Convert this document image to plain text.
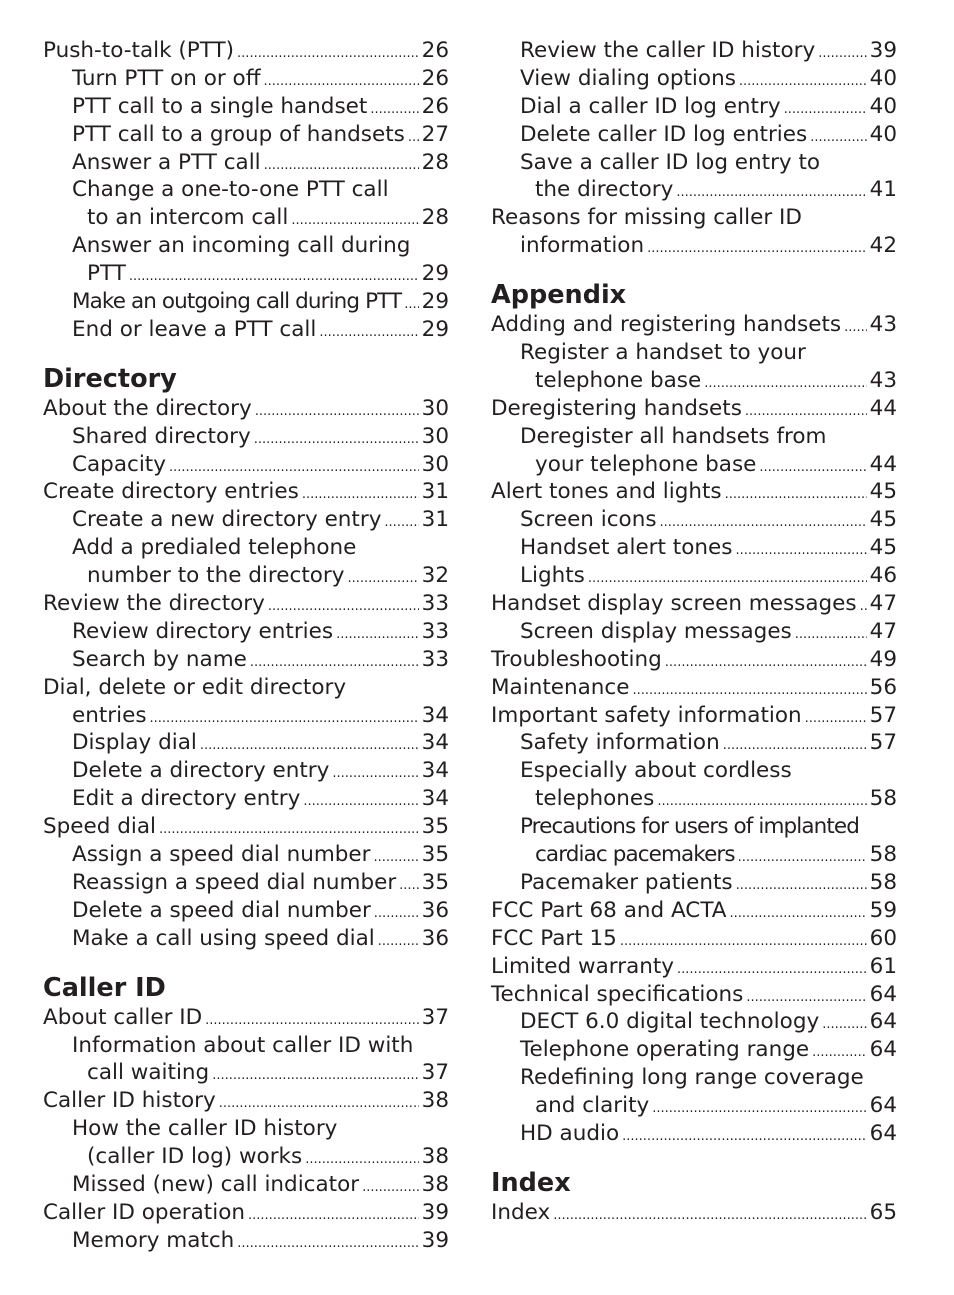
Push-to-talk (PTT) .....	26
Turn PTT on or off .....	26
PTT call to a single handset .....	26
PTT call to a group of handsets ..... 27
Answer a PTT call .....	28
Change a one-to-one PTT call
to an intercom call .....	28
Answer an incoming call during
PTT .....	29
Make an outgoing call during PTT ..... 29
End or leave a PTT call .....	29
Directory
About the directory .....	30
Shared directory .....	30
Capacity .....	30
Create directory entries .....	31
Create a new directory entry ..... 31
Add a predialed telephone
number to the directory .....	32
Review the directory .....	33
Review directory entries .....	33
Search by name .....	33
Dial, delete or edit directory
entries .....	34
Display dial .....	34
Delete a directory entry .....	34
Edit a directory entry .....	34
Speed dial .....	35
Assign a speed dial number ..... 35
Reassign a speed dial number ..... 35
Delete a speed dial number ..... 36
Make a call using speed dial ..... 36
Caller ID
About caller ID .....	37
Information about caller ID with
call waiting .....	37
Caller ID history .....	38
How the caller ID history
(caller ID log) works .....	38
Missed (new) call indicator .....	38
Caller ID operation .....	39
Memory match .....	39
Review the caller ID history .....	39
View dialing options .....	40
Dial a caller ID log entry .....	40
Delete caller ID log entries .....	40
Save a caller ID log entry to
the directory .....	41
Reasons for missing caller ID
information .....	42
Appendix
Adding and registering handsets ..... 43
Register a handset to your
telephone base .....	43
Deregistering handsets .....	44
Deregister all handsets from
your telephone base .....	44
Alert tones and lights .....	45
Screen icons .....	45
Handset alert tones .....	45
Lights .....	46
Handset display screen messages ..... 47
Screen display messages .....	47
Troubleshooting .....	49
Maintenance .....	56
Important safety information .....	57
Safety information .....	57
Especially about cordless
telephones .....	58
Precautions for users of implanted
cardiac pacemakers .....	58
Pacemaker patients .....	58
FCC Part 68 and ACTA .....	59
FCC Part 15 .....	60
Limited warranty .....	61
Technical specifications .....	64
DECT 6.0 digital technology ..... 64
Telephone operating range .....	64
Redefining long range coverage
and clarity .....	64
HD audio .....	64
Index
Index .....	65
